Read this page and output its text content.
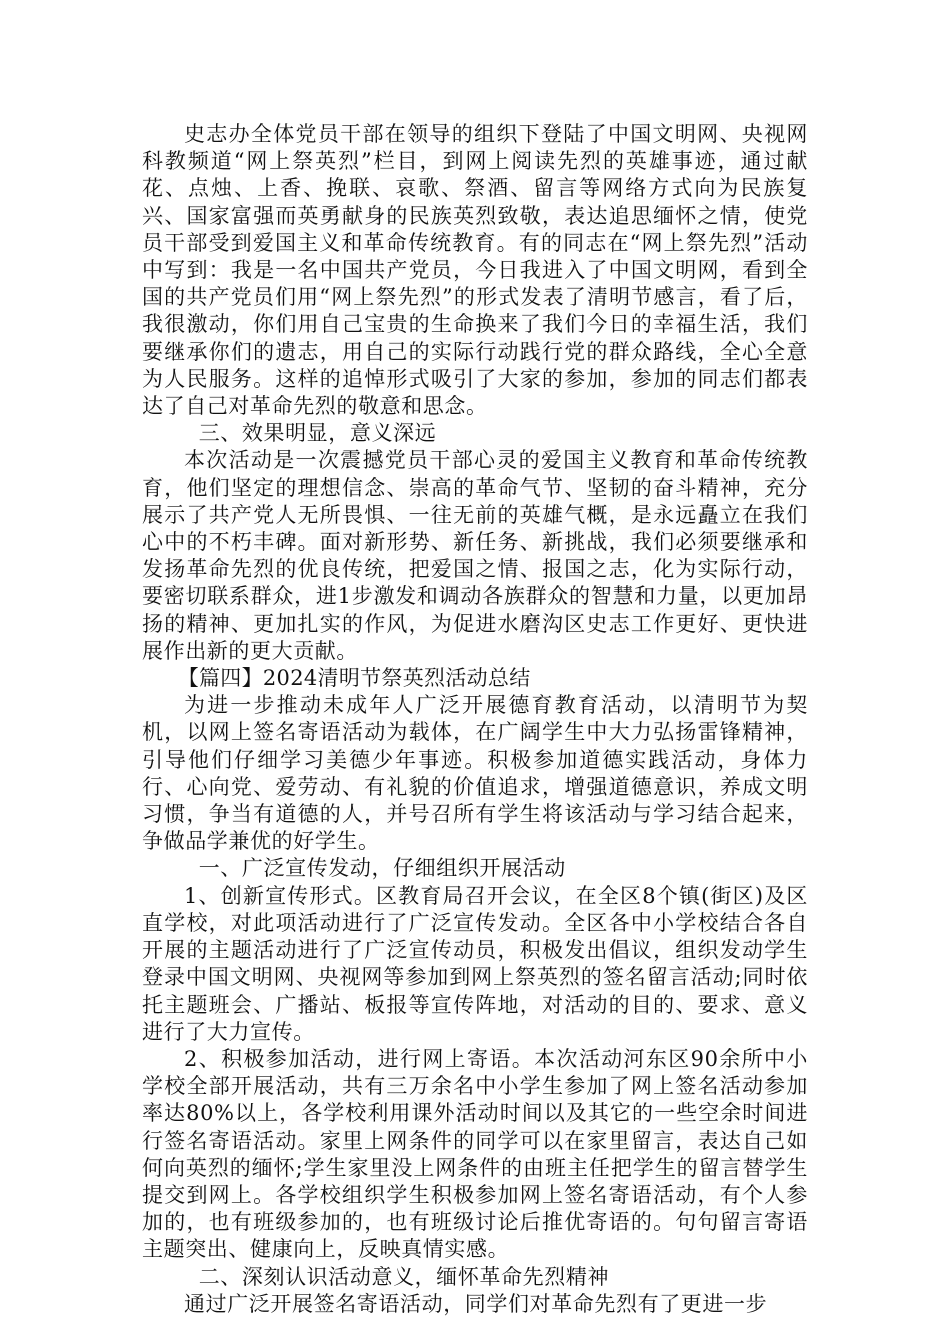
史志办全体党员干部在领导的组织下登陆了中国文明网、央视网科教频道“网上祭英烈”栏目，到网上阅读先烈的英雄事迹，通过献花、点烛、上香、挽联、哀歌、祭酒、留言等网络方式向为民族复兴、国家富强而英勇献身的民族英烈致敬，表达追思缅怀之情，使党员干部受到爱国主义和革命传统教育。有的同志在“网上祭先烈”活动中写到：我是一名中国共产党员，今日我进入了中国文明网，看到全国的共产党员们用“网上祭先烈”的形式发表了清明节感言，看了后，我很激动，你们用自己宝贵的生命换来了我们今日的幸福生活，我们要继承你们的遗志，用自己的实际行动践行党的群众路线，全心全意为人民服务。这样的追悼形式吸引了大家的参加，参加的同志们都表达了自己对革命先烈的敬意和思念。

三、效果明显，意义深远

本次活动是一次震撼党员干部心灵的爱国主义教育和革命传统教育，他们坚定的理想信念、崇高的革命气节、坚韧的奋斗精神，充分展示了共产党人无所畏惧、一往无前的英雄气概，是永远矗立在我们心中的不朽丰碑。面对新形势、新任务、新挑战，我们必须要继承和发扬革命先烈的优良传统，把爱国之情、报国之志，化为实际行动，要密切联系群众，进1步激发和调动各族群众的智慧和力量，以更加昂扬的精神、更加扎实的作风，为促进水磨沟区史志工作更好、更快进展作出新的更大贡献。

【篇四】2024清明节祭英烈活动总结

为进一步推动未成年人广泛开展德育教育活动，以清明节为契机，以网上签名寄语活动为载体，在广阔学生中大力弘扬雷锋精神，引导他们仔细学习美德少年事迹。积极参加道德实践活动，身体力行、心向党、爱劳动、有礼貌的价值追求，增强道德意识，养成文明习惯，争当有道德的人，并号召所有学生将该活动与学习结合起来，争做品学兼优的好学生。

一、广泛宣传发动，仔细组织开展活动

1、创新宣传形式。区教育局召开会议，在全区8个镇(街区)及区直学校，对此项活动进行了广泛宣传发动。全区各中小学校结合各自开展的主题活动进行了广泛宣传动员，积极发出倡议，组织发动学生登录中国文明网、央视网等参加到网上祭英烈的签名留言活动;同时依托主题班会、广播站、板报等宣传阵地，对活动的目的、要求、意义进行了大力宣传。

2、积极参加活动，进行网上寄语。本次活动河东区90余所中小学校全部开展活动，共有三万余名中小学生参加了网上签名活动参加率达80%以上，各学校利用课外活动时间以及其它的一些空余时间进行签名寄语活动。家里上网条件的同学可以在家里留言，表达自己如何向英烈的缅怀;学生家里没上网条件的由班主任把学生的留言替学生提交到网上。各学校组织学生积极参加网上签名寄语活动，有个人参加的，也有班级参加的，也有班级讨论后推优寄语的。句句留言寄语主题突出、健康向上，反映真情实感。

二、深刻认识活动意义，缅怀革命先烈精神

通过广泛开展签名寄语活动，同学们对革命先烈有了更进一步
